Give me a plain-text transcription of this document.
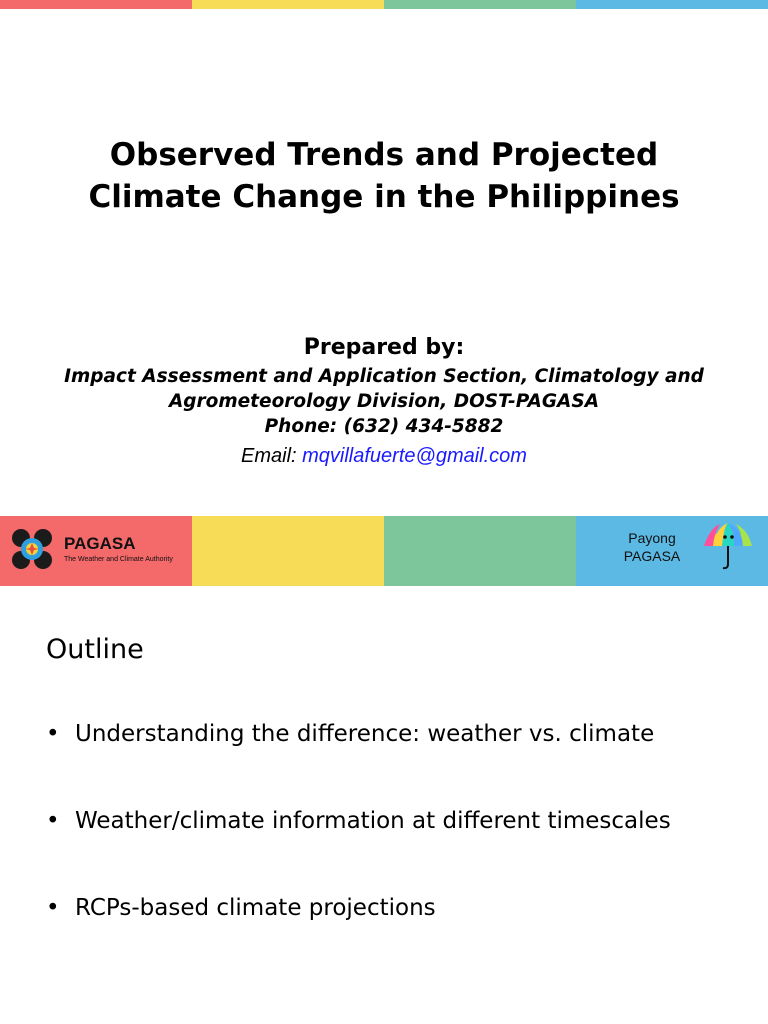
Observed Trends and Projected
Climate Change in the Philippines
Prepared by:
Impact Assessment and Application Section, Climatology and
Agrometeorology Division, DOST-PAGASA
Phone: (632) 434-5882
Email: mqvillafuerte@gmail.com
PAGASA
The Weather and Climate Authority
Payong
PAGASA
Outline
• Understanding the difference: weather vs. climate
• Weather/climate information at different timescales
• RCPs-based climate projections
